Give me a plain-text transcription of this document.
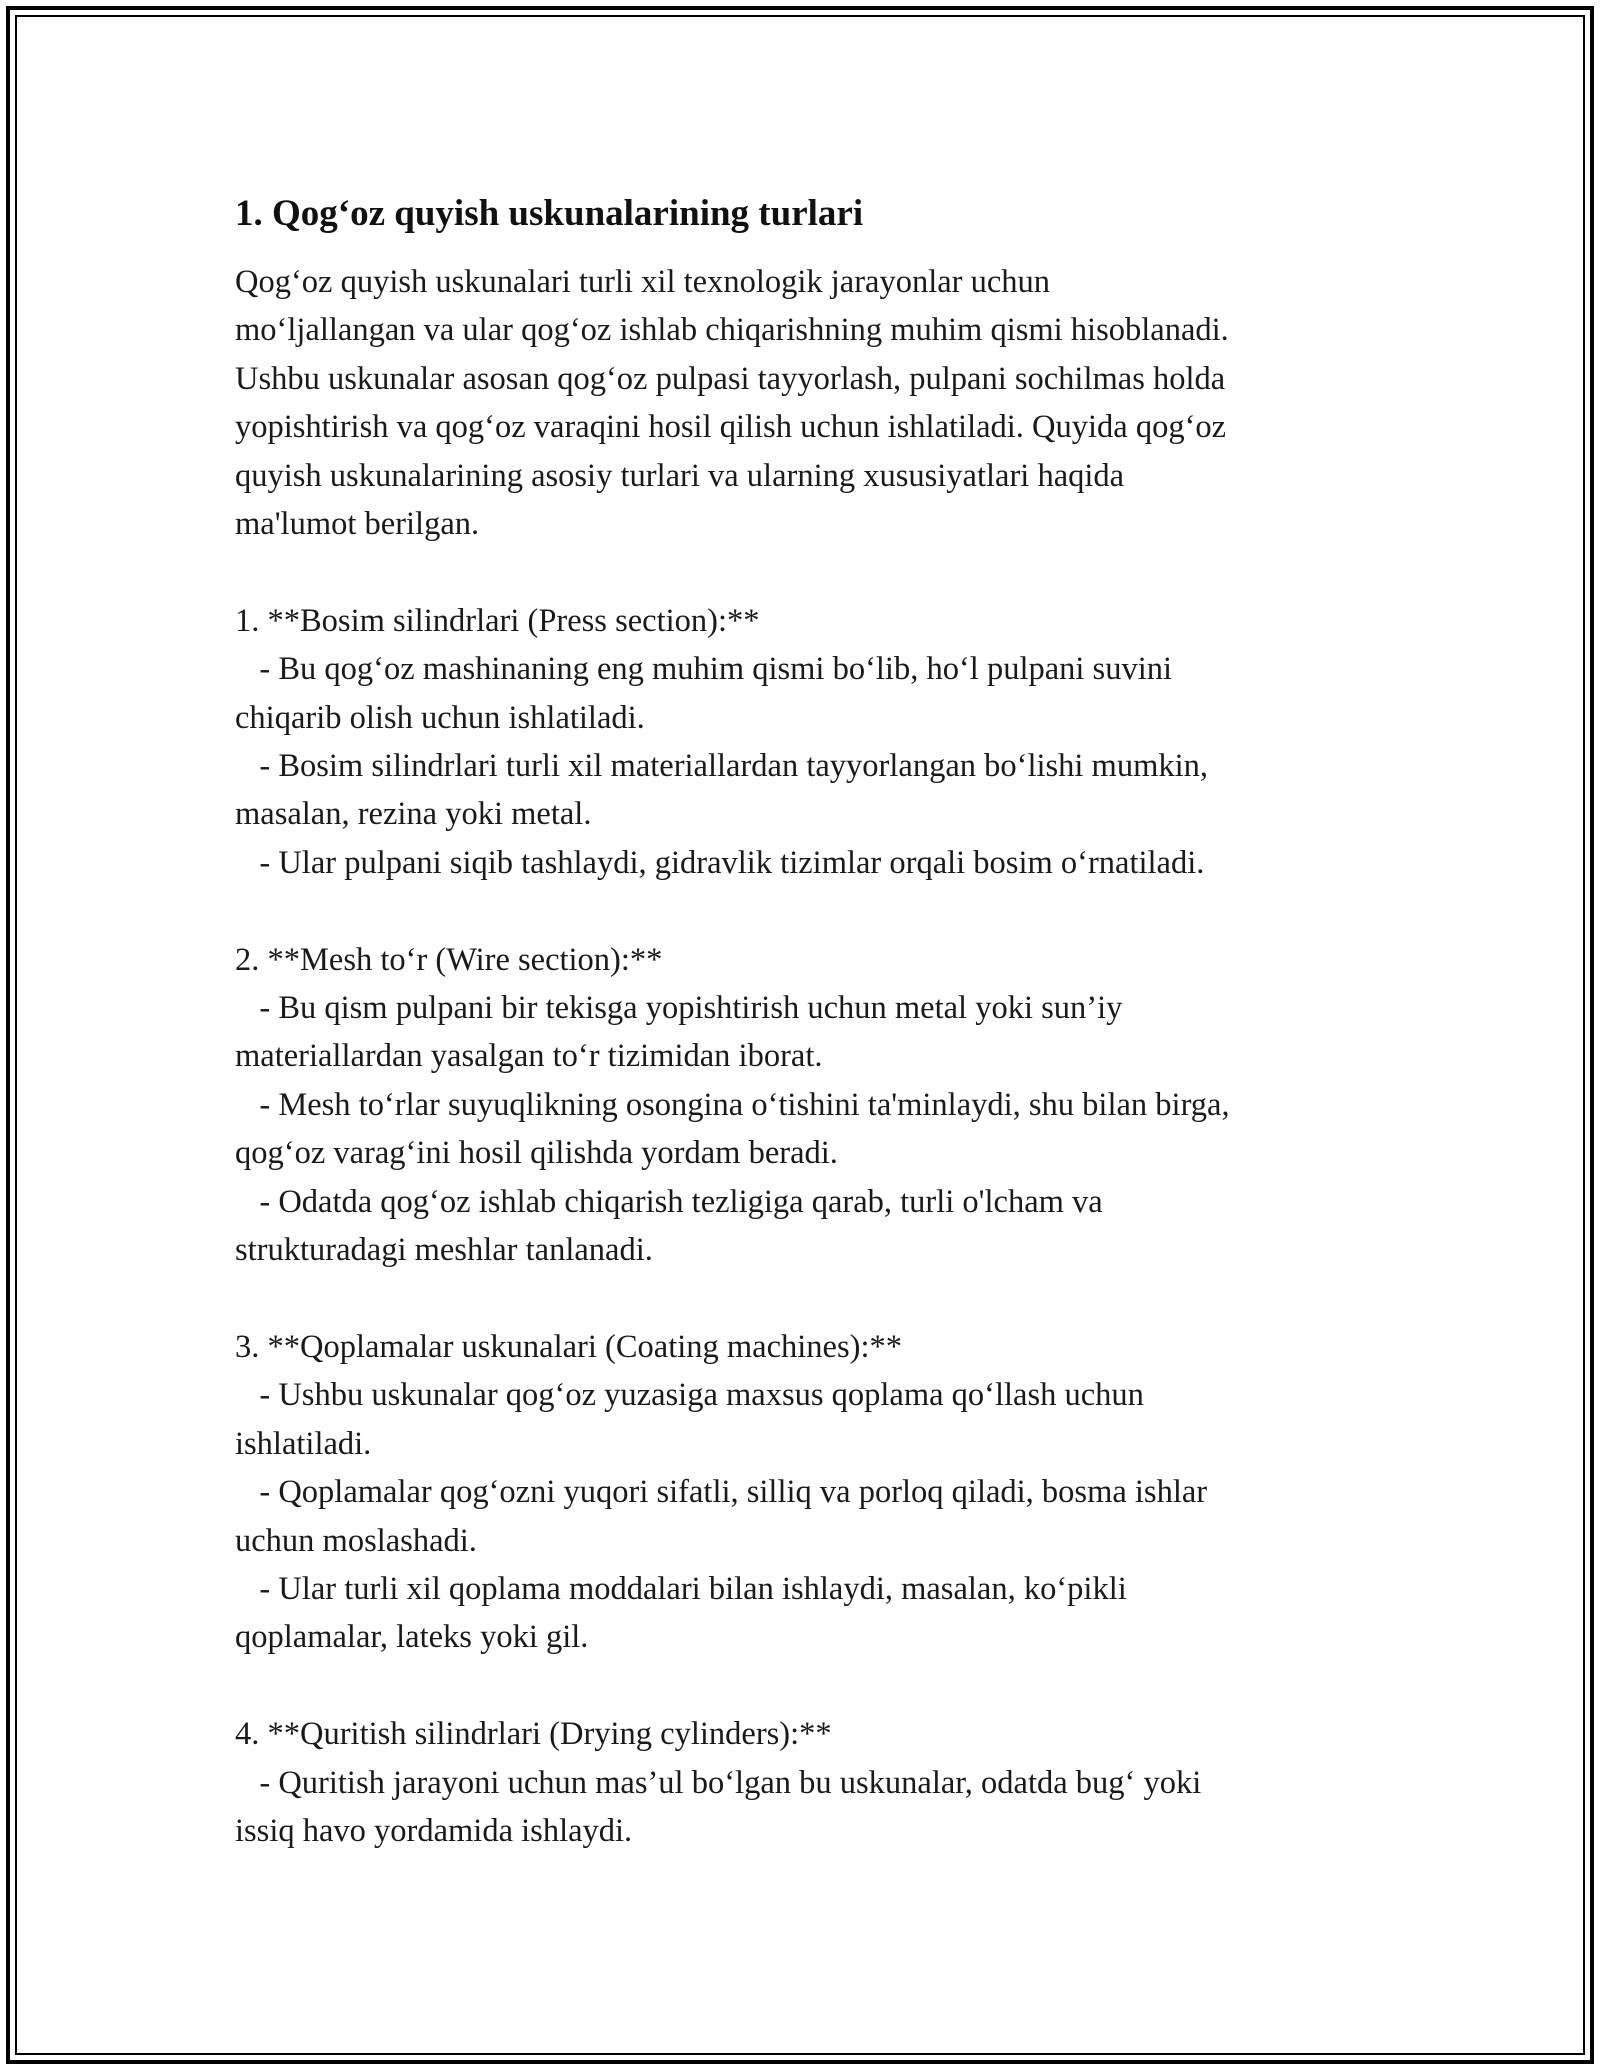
1. Qog‘oz quyish uskunalarining turlari

Qog‘oz quyish uskunalari turli xil texnologik jarayonlar uchun

mo‘ljallangan va ular qog‘oz ishlab chiqarishning muhim qismi hisoblanadi.

Ushbu uskunalar asosan qog‘oz pulpasi tayyorlash, pulpani sochilmas holda

yopishtirish va qog‘oz varaqini hosil qilish uchun ishlatiladi. Quyida qog‘oz

quyish uskunalarining asosiy turlari va ularning xususiyatlari haqida

ma'lumot berilgan.

1. **Bosim silindrlari (Press section):**

- Bu qog‘oz mashinaning eng muhim qismi bo‘lib, ho‘l pulpani suvini

chiqarib olish uchun ishlatiladi.

- Bosim silindrlari turli xil materiallardan tayyorlangan bo‘lishi mumkin,

masalan, rezina yoki metal.

- Ular pulpani siqib tashlaydi, gidravlik tizimlar orqali bosim o‘rnatiladi.

2. **Mesh to‘r (Wire section):**

- Bu qism pulpani bir tekisga yopishtirish uchun metal yoki sun’iy

materiallardan yasalgan to‘r tizimidan iborat.

- Mesh to‘rlar suyuqlikning osongina o‘tishini ta'minlaydi, shu bilan birga,

qog‘oz varag‘ini hosil qilishda yordam beradi.

- Odatda qog‘oz ishlab chiqarish tezligiga qarab, turli o'lcham va

strukturadagi meshlar tanlanadi.

3. **Qoplamalar uskunalari (Coating machines):**

- Ushbu uskunalar qog‘oz yuzasiga maxsus qoplama qo‘llash uchun

ishlatiladi.

- Qoplamalar qog‘ozni yuqori sifatli, silliq va porloq qiladi, bosma ishlar

uchun moslashadi.

- Ular turli xil qoplama moddalari bilan ishlaydi, masalan, ko‘pikli

qoplamalar, lateks yoki gil.

4. **Quritish silindrlari (Drying cylinders):**

- Quritish jarayoni uchun mas’ul bo‘lgan bu uskunalar, odatda bug‘ yoki

issiq havo yordamida ishlaydi.
